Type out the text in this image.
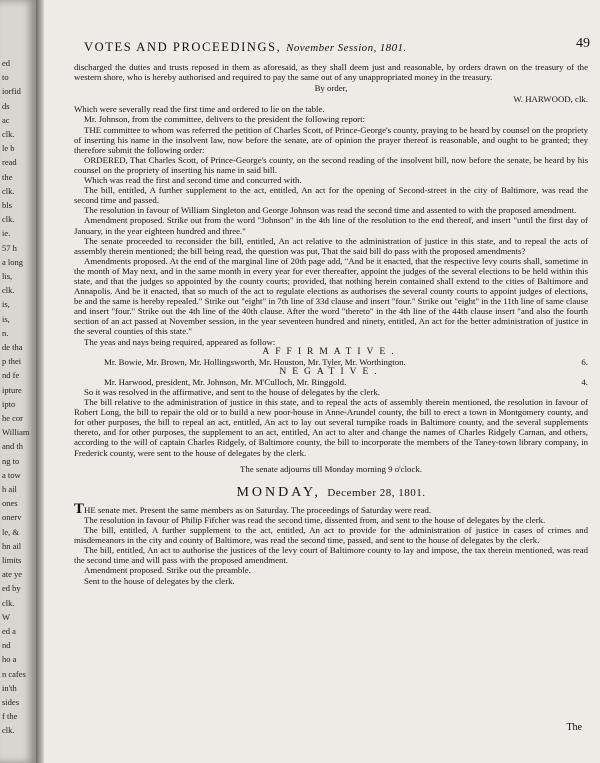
ed
to
iorfid
ds
ac
clk.
le b
read
the
clk.
bls
clk.
ie.
57 h
a long
lis,
clk.
is,
is,
n.
de tha
p thei
nd fe
ipture
ipto
he cor
William
and th
ng to
a tow
h ail
ones
onerv
le, &
hn ail
limits
ate ye
ed by
clk.
W
ed a
nd
ho a
n cafes
in'th
sides
f the
clk.
VOTES AND PROCEEDINGS, November Session, 1801.	49

discharged the duties and trusts reposed in them as aforesaid, as they shall deem just and reasonable, by orders drawn on the treasury of the western shore, who is hereby authorised and required to pay the same out of any unappropriated money in the treasury.

By order,

W. HARWOOD, clk.

Which were severally read the first time and ordered to lie on the table.

Mr. Johnson, from the committee, delivers to the president the following report:

THE committee to whom was referred the petition of Charles Scott, of Prince-George's county, praying to be heard by counsel on the propriety of inserting his name in the insolvent law, now before the senate, are of opinion the prayer thereof is reasonable, and ought to be granted; they therefore submit the following order:

ORDERED, That Charles Scott, of Prince-George's county, on the second reading of the insolvent bill, now before the senate, be heard by his counsel on the propriety of inserting his name in said bill.

Which was read the first and second time and concurred with.

The bill, entitled, A further supplement to the act, entitled, An act for the opening of Second-street in the city of Baltimore, was read the second time and passed.

The resolution in favour of William Singleton and George Johnson was read the second time and assented to with the proposed amendment.

Amendment proposed. Strike out from the word "Johnson" in the 4th line of the resolution to the end thereof, and insert "until the first day of January, in the year eighteen hundred and three."

The senate proceeded to reconsider the bill, entitled, An act relative to the administration of justice in this state, and to repeal the acts of assembly therein mentioned; the bill being read, the question was put, That the said bill do pass with the proposed amendments?

Amendments proposed. At the end of the marginal line of 20th page add, "And be it enacted, that the respective levy courts shall, sometime in the month of May next, and in the same month in every year for ever thereafter, appoint the judges of the several elections to be held within this state, and that the judges so appointed by the county courts; provided, that nothing herein contained shall extend to the cities of Baltimore and Annapolis. And be it enacted, that so much of the act to regulate elections as authorises the several county courts to appoint judges of elections, be and the same is hereby repealed." Strike out "eight" in 7th line of 33d clause and insert "four." Strike out "eight" in the 11th line of same clause and insert "four." Strike out the 4th line of the 40th clause. After the word "thereto" in the 4th line of the 44th clause insert "and also the fourth section of an act passed at November session, in the year seventeen hundred and ninety, entitled, An act for the better administration of justice in the several counties of this state."

The yeas and nays being required, appeared as follow:

AFFIRMATIVE.

Mr. Bowie, Mr. Brown, Mr. Hollingsworth, Mr. Houston, Mr. Tyler, Mr. Worthington.	6.

NEGATIVE.

Mr. Harwood, president, Mr. Johnson, Mr. M'Culloch, Mr. Ringgold.	4.

So it was resolved in the affirmative, and sent to the house of delegates by the clerk.

The bill relative to the administration of justice in this state, and to repeal the acts of assembly therein mentioned, the resolution in favour of Robert Long, the bill to repair the old or to build a new poor-house in Anne-Arundel county, the bill to erect a town in Montgomery county, and for other purposes, the bill to repeal an act, entitled, An act to lay out several turnpike roads in Baltimore county, and the several supplements thereto, and for other purposes, the supplement to an act, entitled, An act to alter and change the names of Charles Ridgely Carnan, and others, according to the will of captain Charles Ridgely, of Baltimore county, the bill to incorporate the members of the Taney-town library company, in Frederick county, were sent to the house of delegates by the clerk.

The senate adjourns till Monday morning 9 o'clock.

MONDAY, December 28, 1801.

THE senate met. Present the same members as on Saturday. The proceedings of Saturday were read.

The resolution in favour of Philip Fifcher was read the second time, dissented from, and sent to the house of delegates by the clerk.

The bill, entitled, A further supplement to the act, entitled, An act to provide for the administration of justice in cases of crimes and misdemeanors in the city and county of Baltimore, was read the second time, passed, and sent to the house of delegates by the clerk.

The bill, entitled, An act to authorise the justices of the levy court of Baltimore county to lay and impose, the tax therein mentioned, was read the second time and will pass with the proposed amendment.

Amendment proposed. Strike out the preamble.

Sent to the house of delegates by the clerk.

The
